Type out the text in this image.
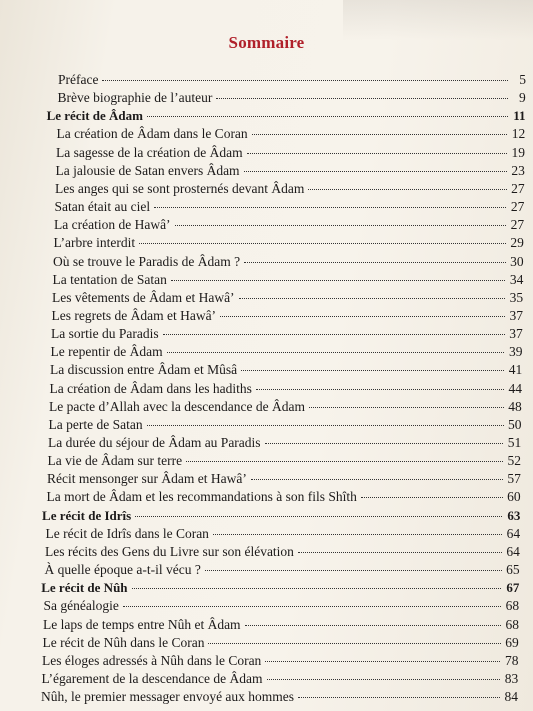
Sommaire
Préface	5
Brève biographie de l’auteur	9
Le récit de Âdam	11
La création de Âdam dans le Coran	12
La sagesse de la création de Âdam	19
La jalousie de Satan envers Âdam	23
Les anges qui se sont prosternés devant Âdam	27
Satan était au ciel	27
La création de Hawâ’	27
L’arbre interdit	29
Où se trouve le Paradis de Âdam ?	30
La tentation de Satan	34
Les vêtements de Âdam et Hawâ’	35
Les regrets de Âdam et Hawâ’	37
La sortie du Paradis	37
Le repentir de Âdam	39
La discussion entre Âdam et Mûsâ	41
La création de Âdam dans les hadiths	44
Le pacte d’Allah avec la descendance de Âdam	48
La perte de Satan	50
La durée du séjour de Âdam au Paradis	51
La vie de Âdam sur terre	52
Récit mensonger sur Âdam et Hawâ’	57
La mort de Âdam et les recommandations à son fils Shîth	60
Le récit de Idrîs	63
Le récit de Idrîs dans le Coran	64
Les récits des Gens du Livre sur son élévation	64
À quelle époque a-t-il vécu ?	65
Le récit de Nûh	67
Sa généalogie	68
Le laps de temps entre Nûh et Âdam	68
Le récit de Nûh dans le Coran	69
Les éloges adressés à Nûh dans le Coran	78
L’égarement de la descendance de Âdam	83
Nûh, le premier messager envoyé aux hommes	84
